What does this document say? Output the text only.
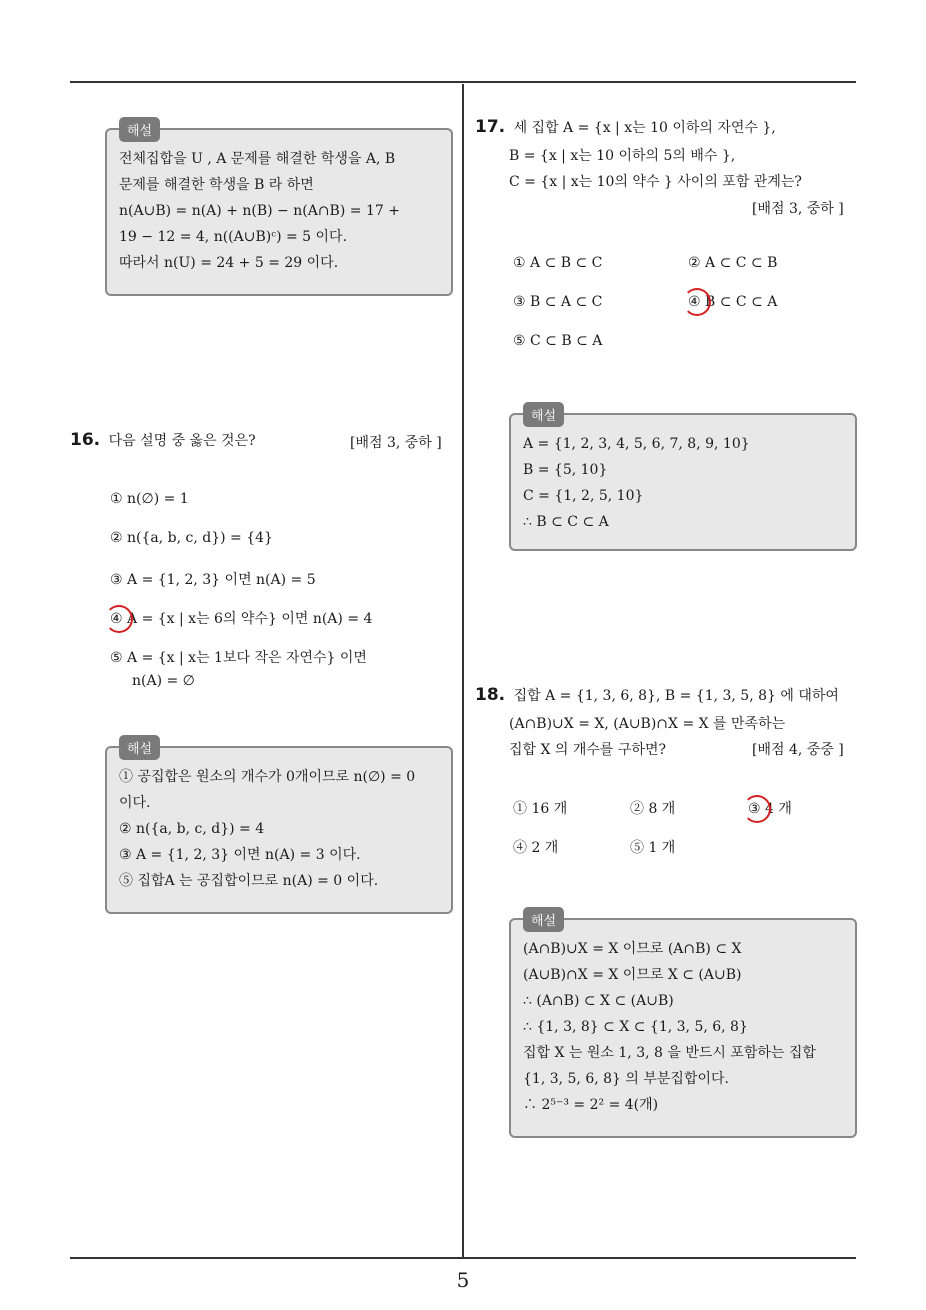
해설
전체집합을 U , A 문제를 해결한 학생을 A, B
문제를 해결한 학생을 B 라 하면
n(A∪B) = n(A) + n(B) − n(A∩B) = 17 +
19 − 12 = 4, n((A∪B)ᶜ) = 5 이다.
따라서 n(U) = 24 + 5 = 29 이다.
16. 다음 설명 중 옳은 것은?	[배점 3, 중하 ]
① n(∅) = 1
② n({a, b, c, d}) = {4}
③ A = {1, 2, 3} 이면 n(A) = 5
④ A = {x | x는 6의 약수} 이면 n(A) = 4
⑤ A = {x | x는 1보다 작은 자연수} 이면
n(A) = ∅
해설
① 공집합은 원소의 개수가 0개이므로 n(∅) = 0
이다.
② n({a, b, c, d}) = 4
③ A = {1, 2, 3} 이면 n(A) = 3 이다.
⑤ 집합A 는 공집합이므로 n(A) = 0 이다.
17. 세 집합 A = {x | x는 10 이하의 자연수 },
B = {x | x는 10 이하의 5의 배수 },
C = {x | x는 10의 약수 } 사이의 포함 관계는?
[배점 3, 중하 ]
① A ⊂ B ⊂ C	② A ⊂ C ⊂ B
③ B ⊂ A ⊂ C	④ B ⊂ C ⊂ A
⑤ C ⊂ B ⊂ A
해설
A = {1, 2, 3, 4, 5, 6, 7, 8, 9, 10}
B = {5, 10}
C = {1, 2, 5, 10}
∴ B ⊂ C ⊂ A
18. 집합 A = {1, 3, 6, 8}, B = {1, 3, 5, 8} 에 대하여
(A∩B)∪X = X, (A∪B)∩X = X 를 만족하는
집합 X 의 개수를 구하면?	[배점 4, 중중 ]
① 16 개	② 8 개	③ 4 개
④ 2 개	⑤ 1 개
해설
(A∩B)∪X = X 이므로 (A∩B) ⊂ X
(A∪B)∩X = X 이므로 X ⊂ (A∪B)
∴ (A∩B) ⊂ X ⊂ (A∪B)
∴ {1, 3, 8} ⊂ X ⊂ {1, 3, 5, 6, 8}
집합 X 는 원소 1, 3, 8 을 반드시 포함하는 집합
{1, 3, 5, 6, 8} 의 부분집합이다.
∴ 2⁵⁻³ = 2² = 4(개)
5
